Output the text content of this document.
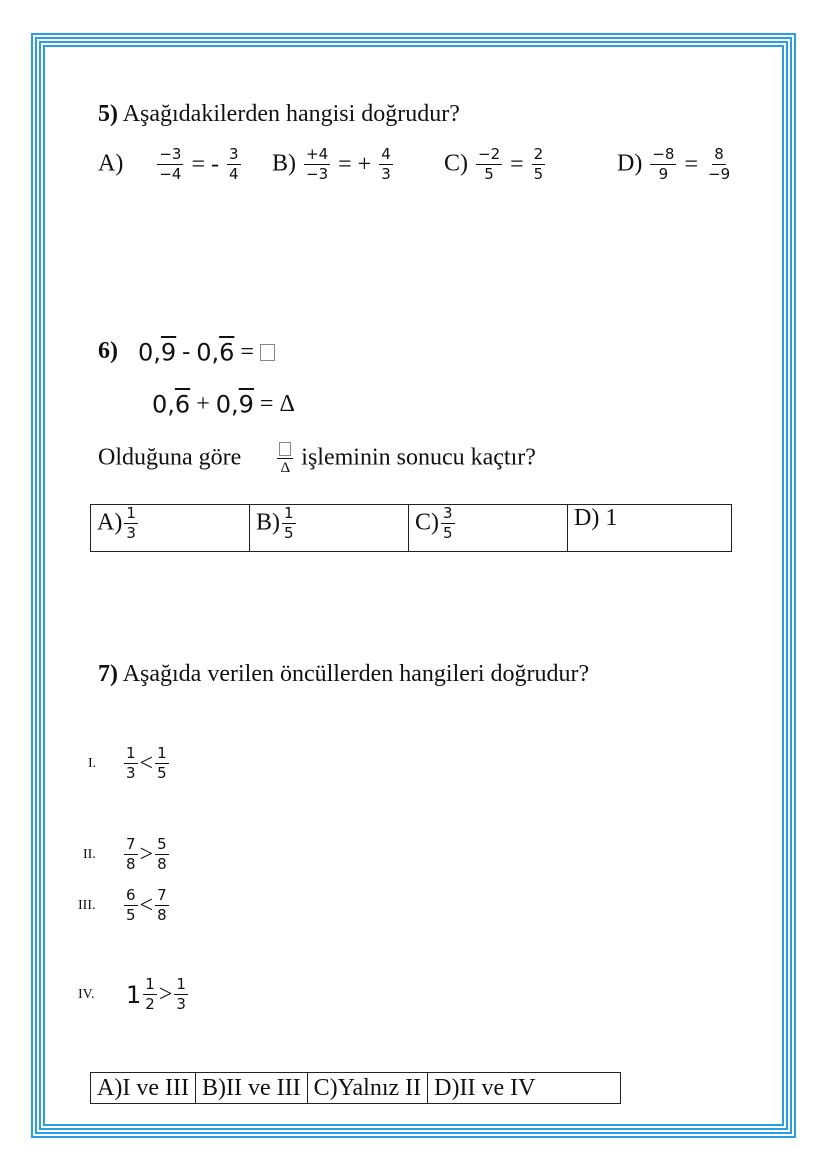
5) Aşağıdakilerden hangisi doğrudur?
$A) \frac{-3}{-4}$ = - $\frac{3}{4} B) \frac{+4}{-3}$ = + $\frac{4}{3} C) \frac{-2}{5} = \frac{2}{5}$	$D) \frac{-8}{9} = \frac{8}{-9}$
6) 0,9 - 0,6 =
0,6 + 0,9 = Δ
Olduğuna göre	Δ işleminin sonucu kaçtır?
$A) \frac{1}{3}$	$B) \frac{1}{5}$	$C) \frac{3}{5}$	D) 1
7) Aşağıda verilen öncüllerden hangileri doğrudur?
I. $\frac{1}{3} < \frac{1}{5}$
II. $\frac{7}{8} > \frac{5}{8}$
III. $\frac{6}{5} < \frac{7}{8}$
IV. $1 \frac{1}{2} > \frac{1}{3}$
A)I ve III	B)II ve III	C)Yalnız II	D)II ve IV
